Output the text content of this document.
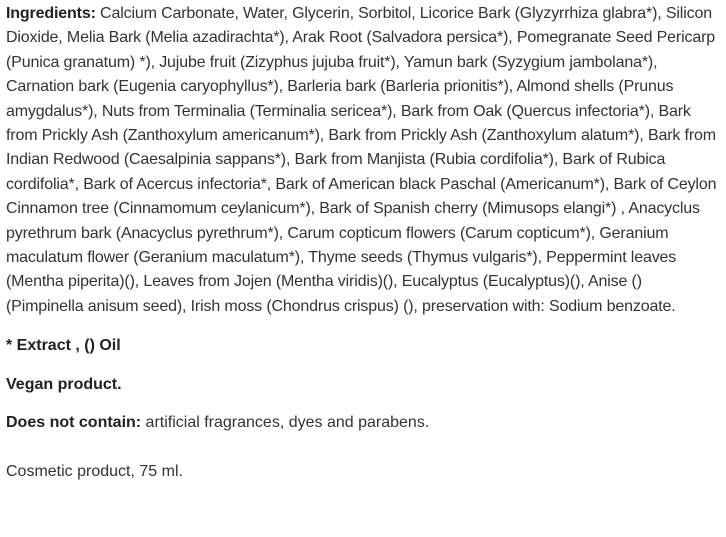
Ingredients: Calcium Carbonate, Water, Glycerin, Sorbitol, Licorice Bark (Glyzyrrhiza glabra*), Silicon Dioxide, Melia Bark (Melia azadirachta*), Arak Root (Salvadora persica*), Pomegranate Seed Pericarp (Punica granatum) *), Jujube fruit (Zizyphus jujuba fruit*), Yamun bark (Syzygium jambolana*), Carnation bark (Eugenia caryophyllus*), Barleria bark (Barleria prionitis*), Almond shells (Prunus amygdalus*), Nuts from Terminalia (Terminalia sericea*), Bark from Oak (Quercus infectoria*), Bark from Prickly Ash (Zanthoxylum americanum*), Bark from Prickly Ash (Zanthoxylum alatum*), Bark from Indian Redwood (Caesalpinia sappans*), Bark from Manjista (Rubia cordifolia*), Bark of Rubica cordifolia*, Bark of Acercus infectoria*, Bark of American black Paschal (Americanum*), Bark of Ceylon Cinnamon tree (Cinnamomum ceylanicum*), Bark of Spanish cherry (Mimusops elangi*) , Anacyclus pyrethrum bark (Anacyclus pyrethrum*), Carum copticum flowers (Carum copticum*), Geranium maculatum flower (Geranium maculatum*), Thyme seeds (Thymus vulgaris*), Peppermint leaves (Mentha piperita)(), Leaves from Jojen (Mentha viridis)(), Eucalyptus (Eucalyptus)(), Anise () (Pimpinella anisum seed), Irish moss (Chondrus crispus) (), preservation with: Sodium benzoate.

* Extract , () Oil

Vegan product.

Does not contain: artificial fragrances, dyes and parabens.

Cosmetic product, 75 ml.
